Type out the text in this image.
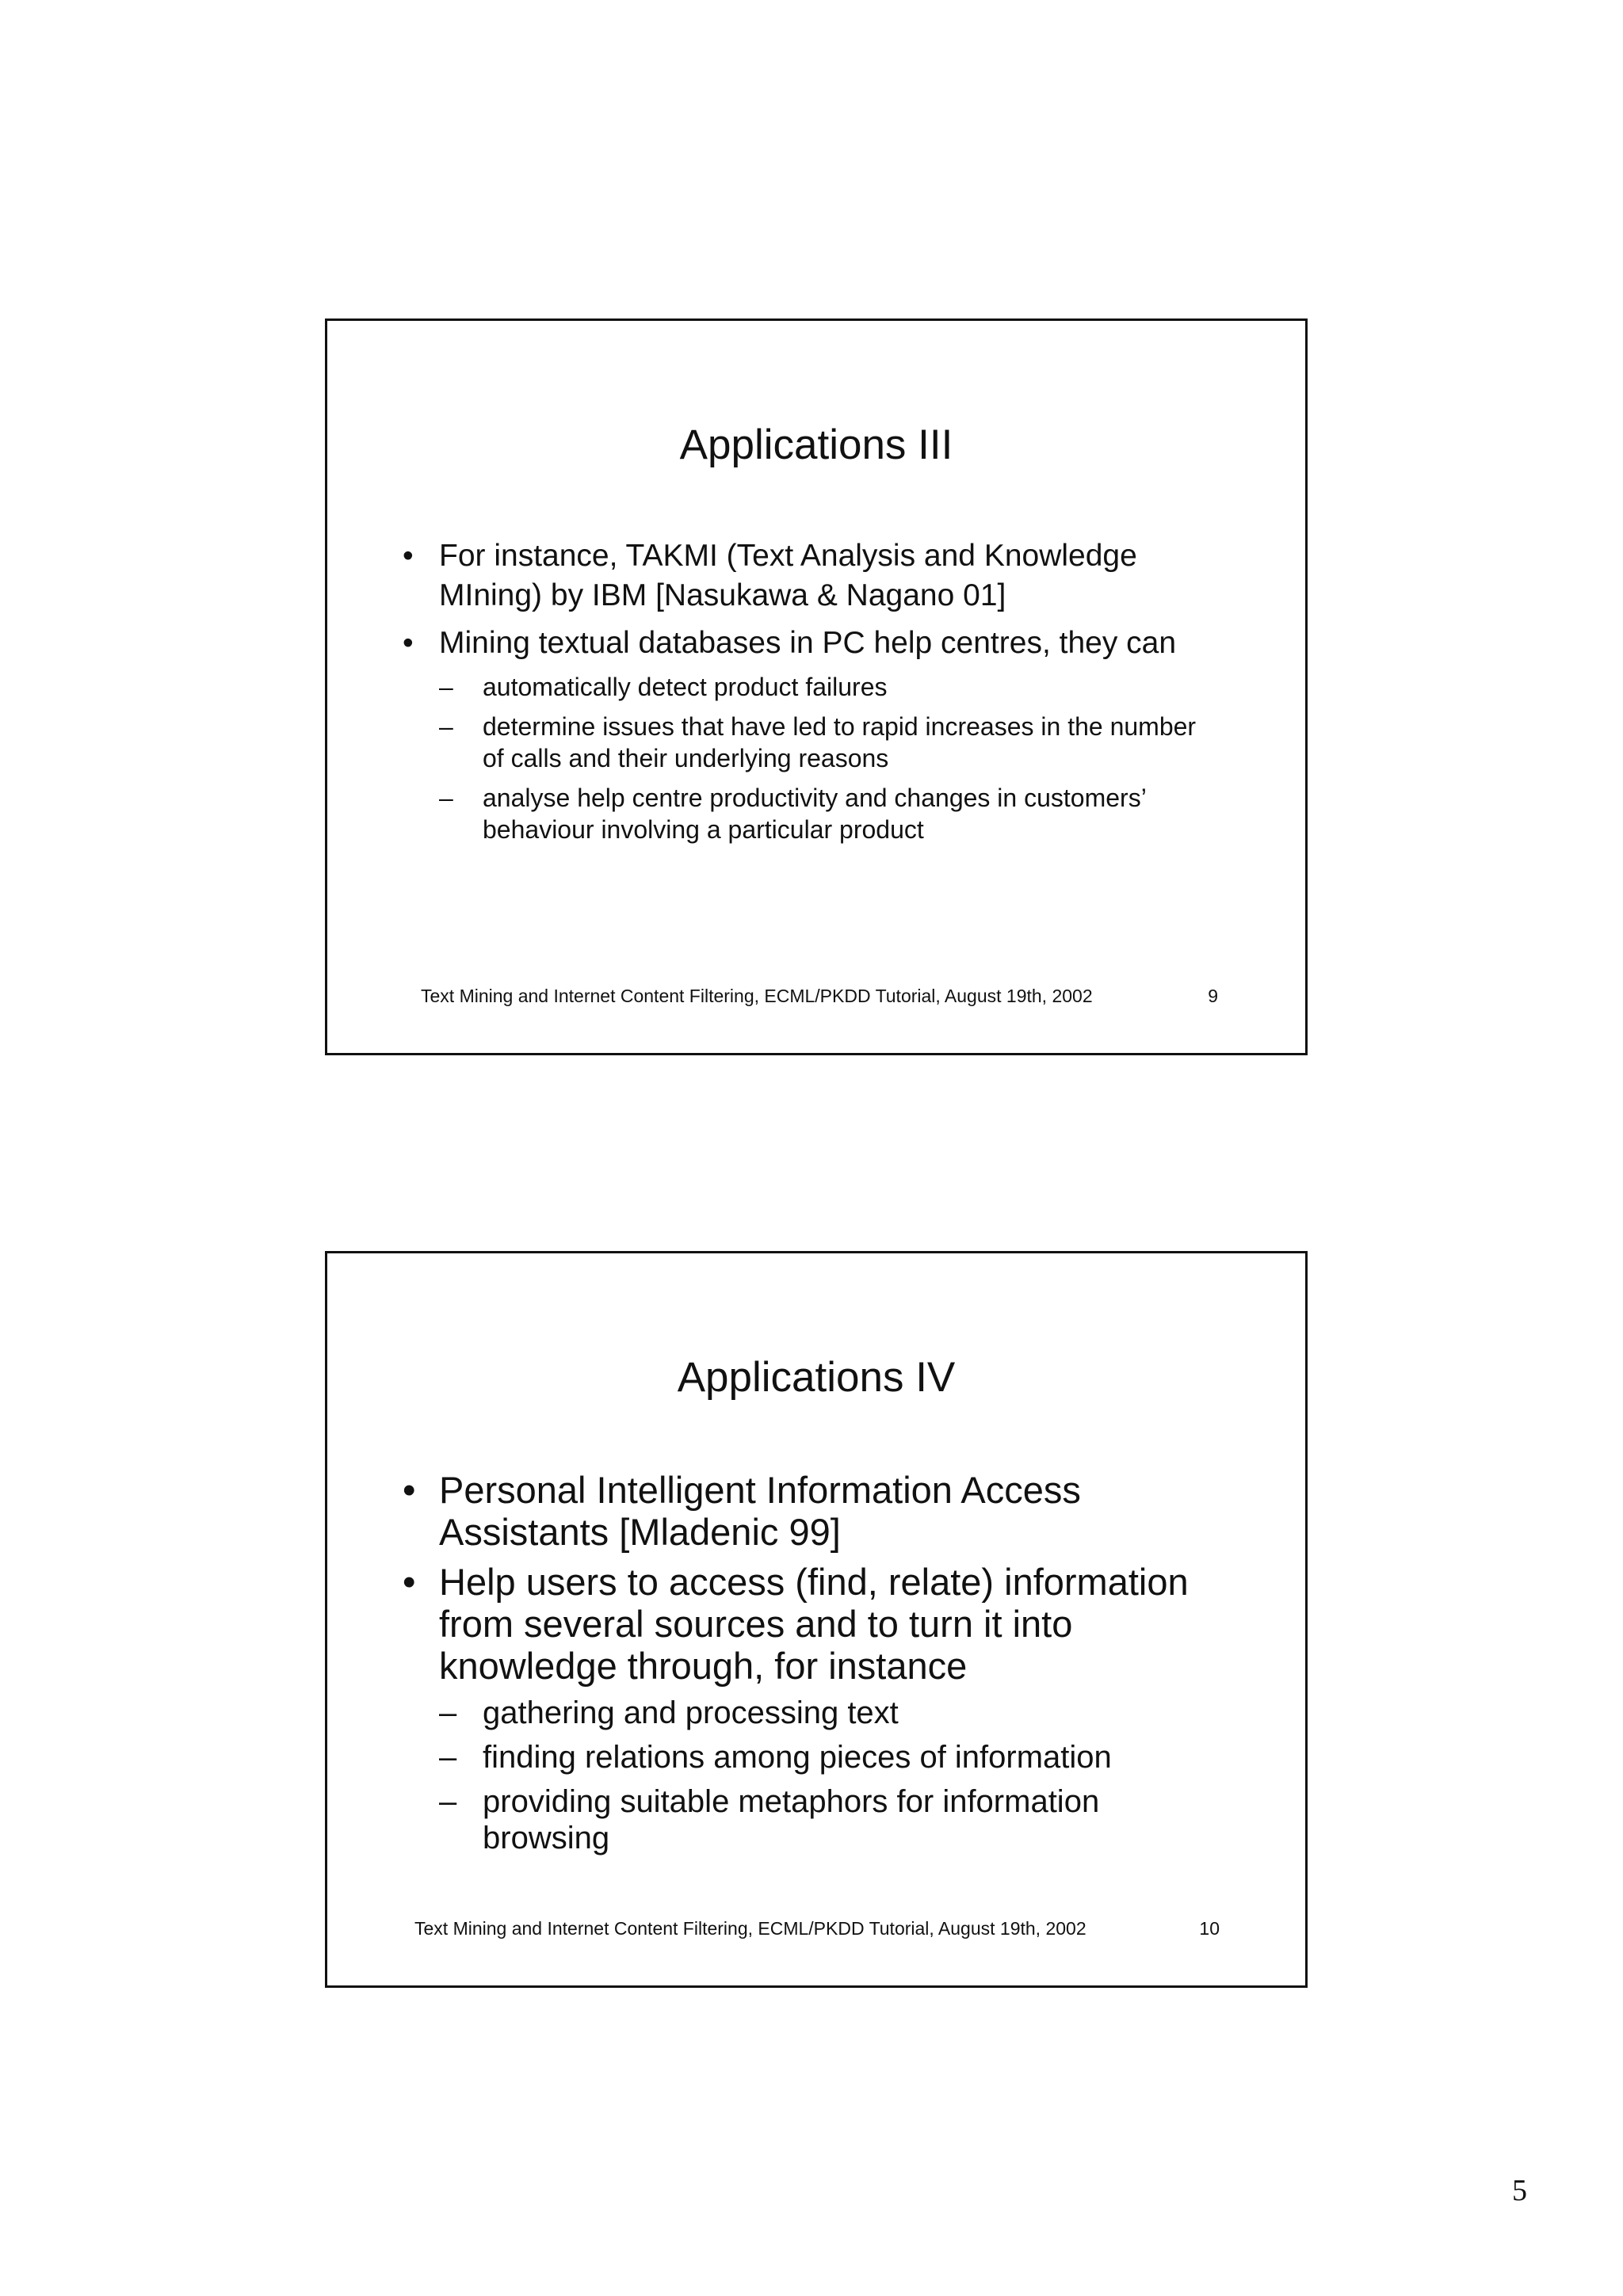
Applications III
• For instance, TAKMI (Text Analysis and Knowledge MIning) by IBM [Nasukawa & Nagano 01]
• Mining textual databases in PC help centres, they can
– automatically detect product failures
– determine issues that have led to rapid increases in the number of calls and their underlying reasons
– analyse help centre productivity and changes in customers’ behaviour involving a particular product
Text Mining and Internet Content Filtering, ECML/PKDD Tutorial, August 19th, 2002	9
Applications IV
• Personal Intelligent Information Access Assistants [Mladenic 99]
• Help users to access (find, relate) information from several sources and to turn it into knowledge through, for instance
– gathering and processing text
– finding relations among pieces of information
– providing suitable metaphors for information browsing
Text Mining and Internet Content Filtering, ECML/PKDD Tutorial, August 19th, 2002	10
5
